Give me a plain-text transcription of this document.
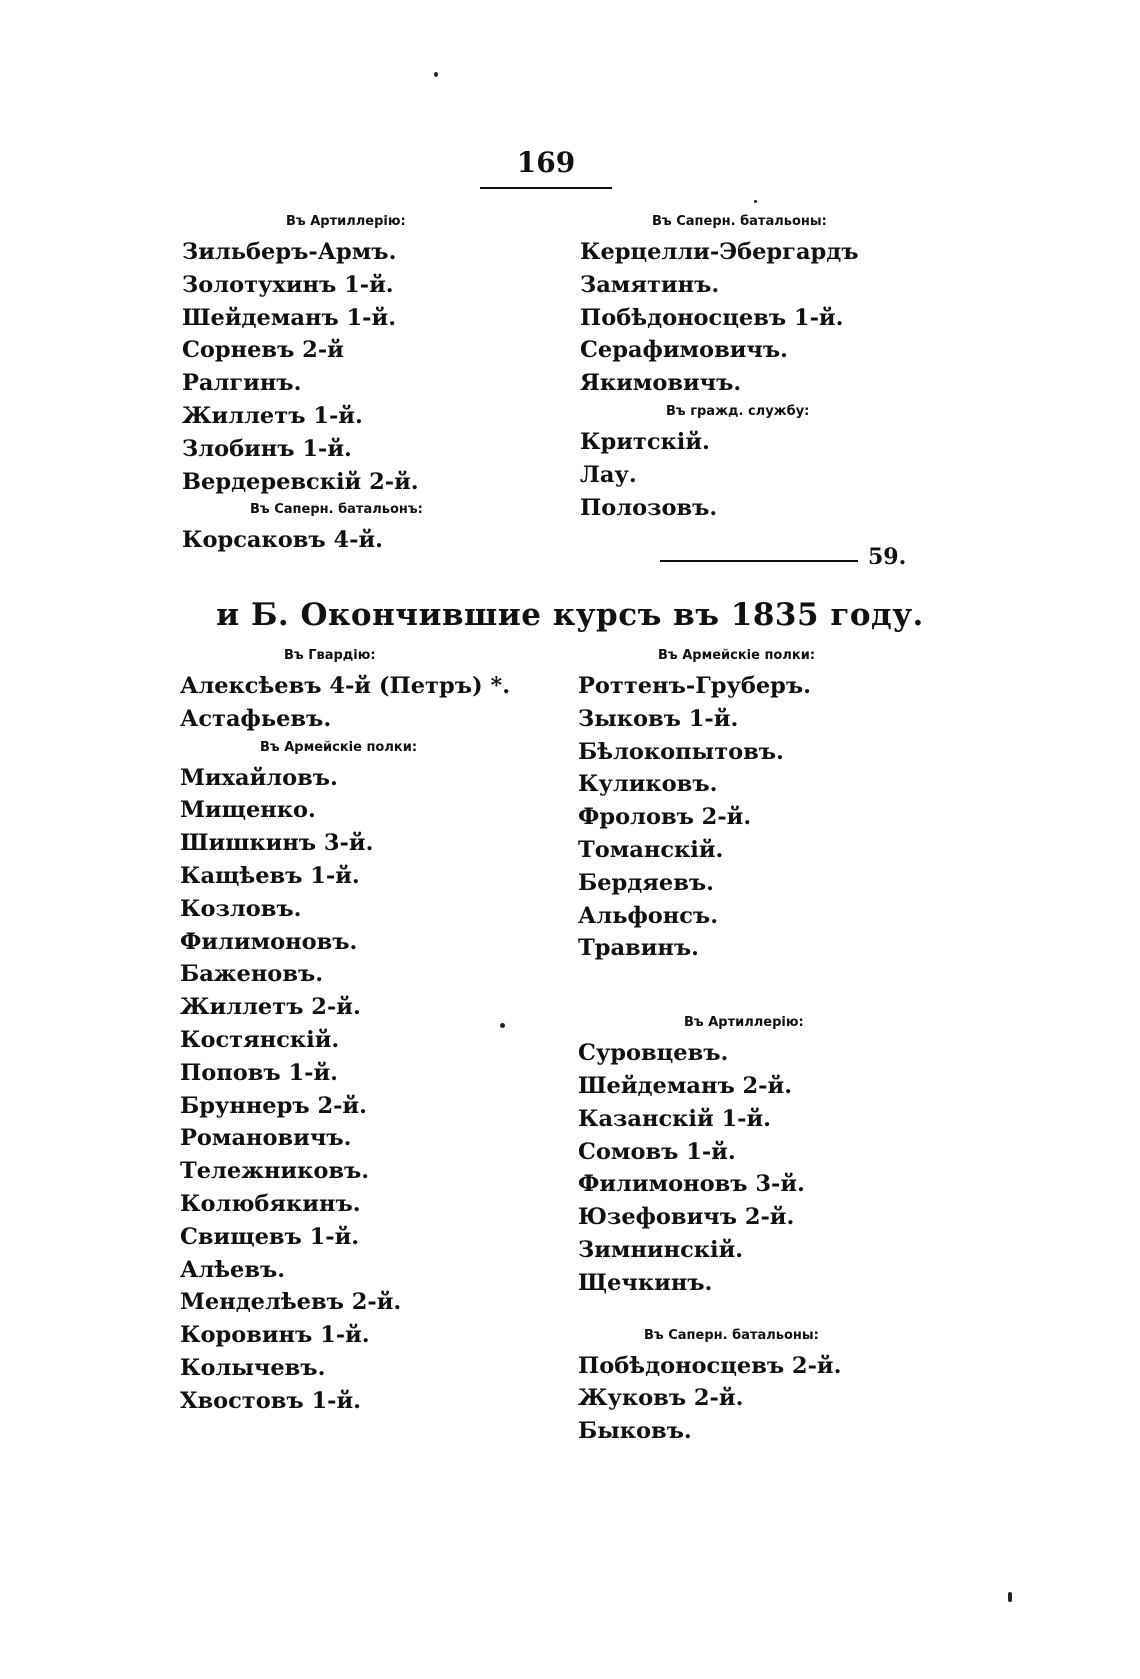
169
Въ Артиллерію:
Зильберъ-Армъ.
Золотухинъ 1-й.
Шейдеманъ 1-й.
Сорневъ 2-й
Ралгинъ.
Жиллетъ 1-й.
Злобинъ 1-й.
Вердеревскій 2-й.
Въ Саперн. батальонъ:
Корсаковъ 4-й.
Въ Саперн. батальоны:
Керцелли-Эбергардъ
Замятинъ.
Побѣдоносцевъ 1-й.
Серафимовичъ.
Якимовичъ.
Въ гражд. службу:
Критскій.
Лау.
Полозовъ.
59.
и Б. Окончившие курсъ въ 1835 году.
Въ Гвардію:
Алексѣевъ 4-й (Петръ) *.
Астафьевъ.
Въ Армейскіе полки:
Михайловъ.
Мищенко.
Шишкинъ 3-й.
Кащѣевъ 1-й.
Козловъ.
Филимоновъ.
Баженовъ.
Жиллетъ 2-й.
Костянскій.
Поповъ 1-й.
Бруннеръ 2-й.
Романовичъ.
Тележниковъ.
Колюбякинъ.
Свищевъ 1-й.
Алѣевъ.
Менделѣевъ 2-й.
Коровинъ 1-й.
Колычевъ.
Хвостовъ 1-й.
Въ Армейскіе полки:
Роттенъ-Груберъ.
Зыковъ 1-й.
Бѣлокопытовъ.
Куликовъ.
Фроловъ 2-й.
Томанскій.
Бердяевъ.
Альфонсъ.
Травинъ.
Въ Артиллерію:
Суровцевъ.
Шейдеманъ 2-й.
Казанскій 1-й.
Сомовъ 1-й.
Филимоновъ 3-й.
Юзефовичъ 2-й.
Зимнинскій.
Щечкинъ.
Въ Саперн. батальоны:
Побѣдоносцевъ 2-й.
Жуковъ 2-й.
Быковъ.
